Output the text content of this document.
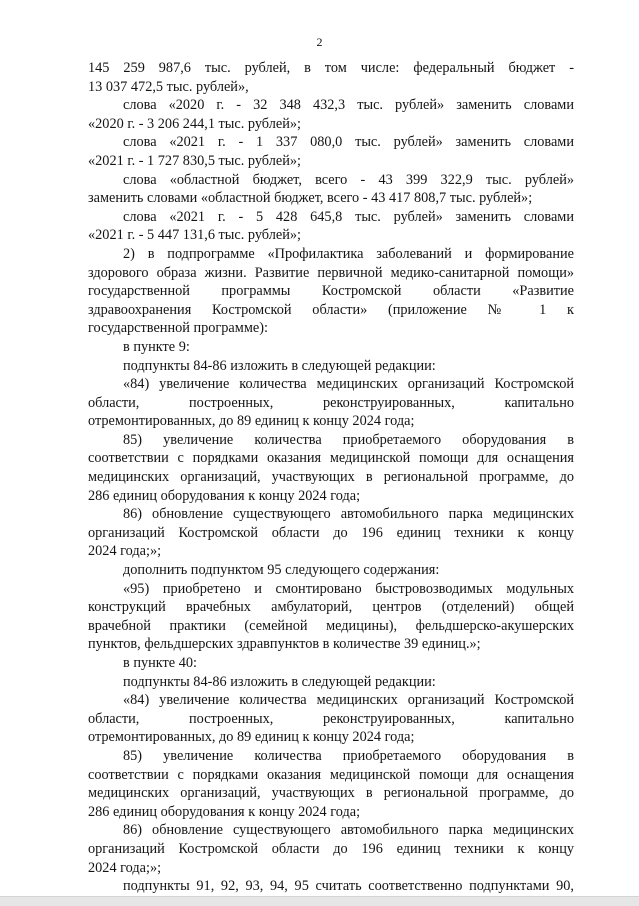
2
145 259 987,6 тыс. рублей, в том числе: федеральный бюджет -
13 037 472,5 тыс. рублей»,
слова «2020 г. - 32 348 432,3 тыс. рублей» заменить словами
«2020 г. - 3 206 244,1 тыс. рублей»;
слова «2021 г. - 1 337 080,0 тыс. рублей» заменить словами
«2021 г. - 1 727 830,5 тыс. рублей»;
слова «областной бюджет, всего - 43 399 322,9 тыс. рублей»
заменить словами «областной бюджет, всего - 43 417 808,7 тыс. рублей»;
слова «2021 г. - 5 428 645,8 тыс. рублей» заменить словами
«2021 г. - 5 447 131,6 тыс. рублей»;
2) в подпрограмме «Профилактика заболеваний и формирование
здорового образа жизни. Развитие первичной медико-санитарной помощи»
государственной программы Костромской области «Развитие
здравоохранения Костромской области» (приложение № 1 к
государственной программе):
в пункте 9:
подпункты 84-86 изложить в следующей редакции:
«84) увеличение количества медицинских организаций Костромской
области, построенных, реконструированных, капитально
отремонтированных, до 89 единиц к концу 2024 года;
85) увеличение количества приобретаемого оборудования в
соответствии с порядками оказания медицинской помощи для оснащения
медицинских организаций, участвующих в региональной программе, до
286 единиц оборудования к концу 2024 года;
86) обновление существующего автомобильного парка медицинских
организаций Костромской области до 196 единиц техники к концу
2024 года;»;
дополнить подпунктом 95 следующего содержания:
«95) приобретено и смонтировано быстровозводимых модульных
конструкций врачебных амбулаторий, центров (отделений) общей
врачебной практики (семейной медицины), фельдшерско-акушерских
пунктов, фельдшерских здравпунктов в количестве 39 единиц.»;
в пункте 40:
подпункты 84-86 изложить в следующей редакции:
«84) увеличение количества медицинских организаций Костромской
области, построенных, реконструированных, капитально
отремонтированных, до 89 единиц к концу 2024 года;
85) увеличение количества приобретаемого оборудования в
соответствии с порядками оказания медицинской помощи для оснащения
медицинских организаций, участвующих в региональной программе, до
286 единиц оборудования к концу 2024 года;
86) обновление существующего автомобильного парка медицинских
организаций Костромской области до 196 единиц техники к концу
2024 года;»;
подпункты 91, 92, 93, 94, 95 считать соответственно подпунктами 90,
